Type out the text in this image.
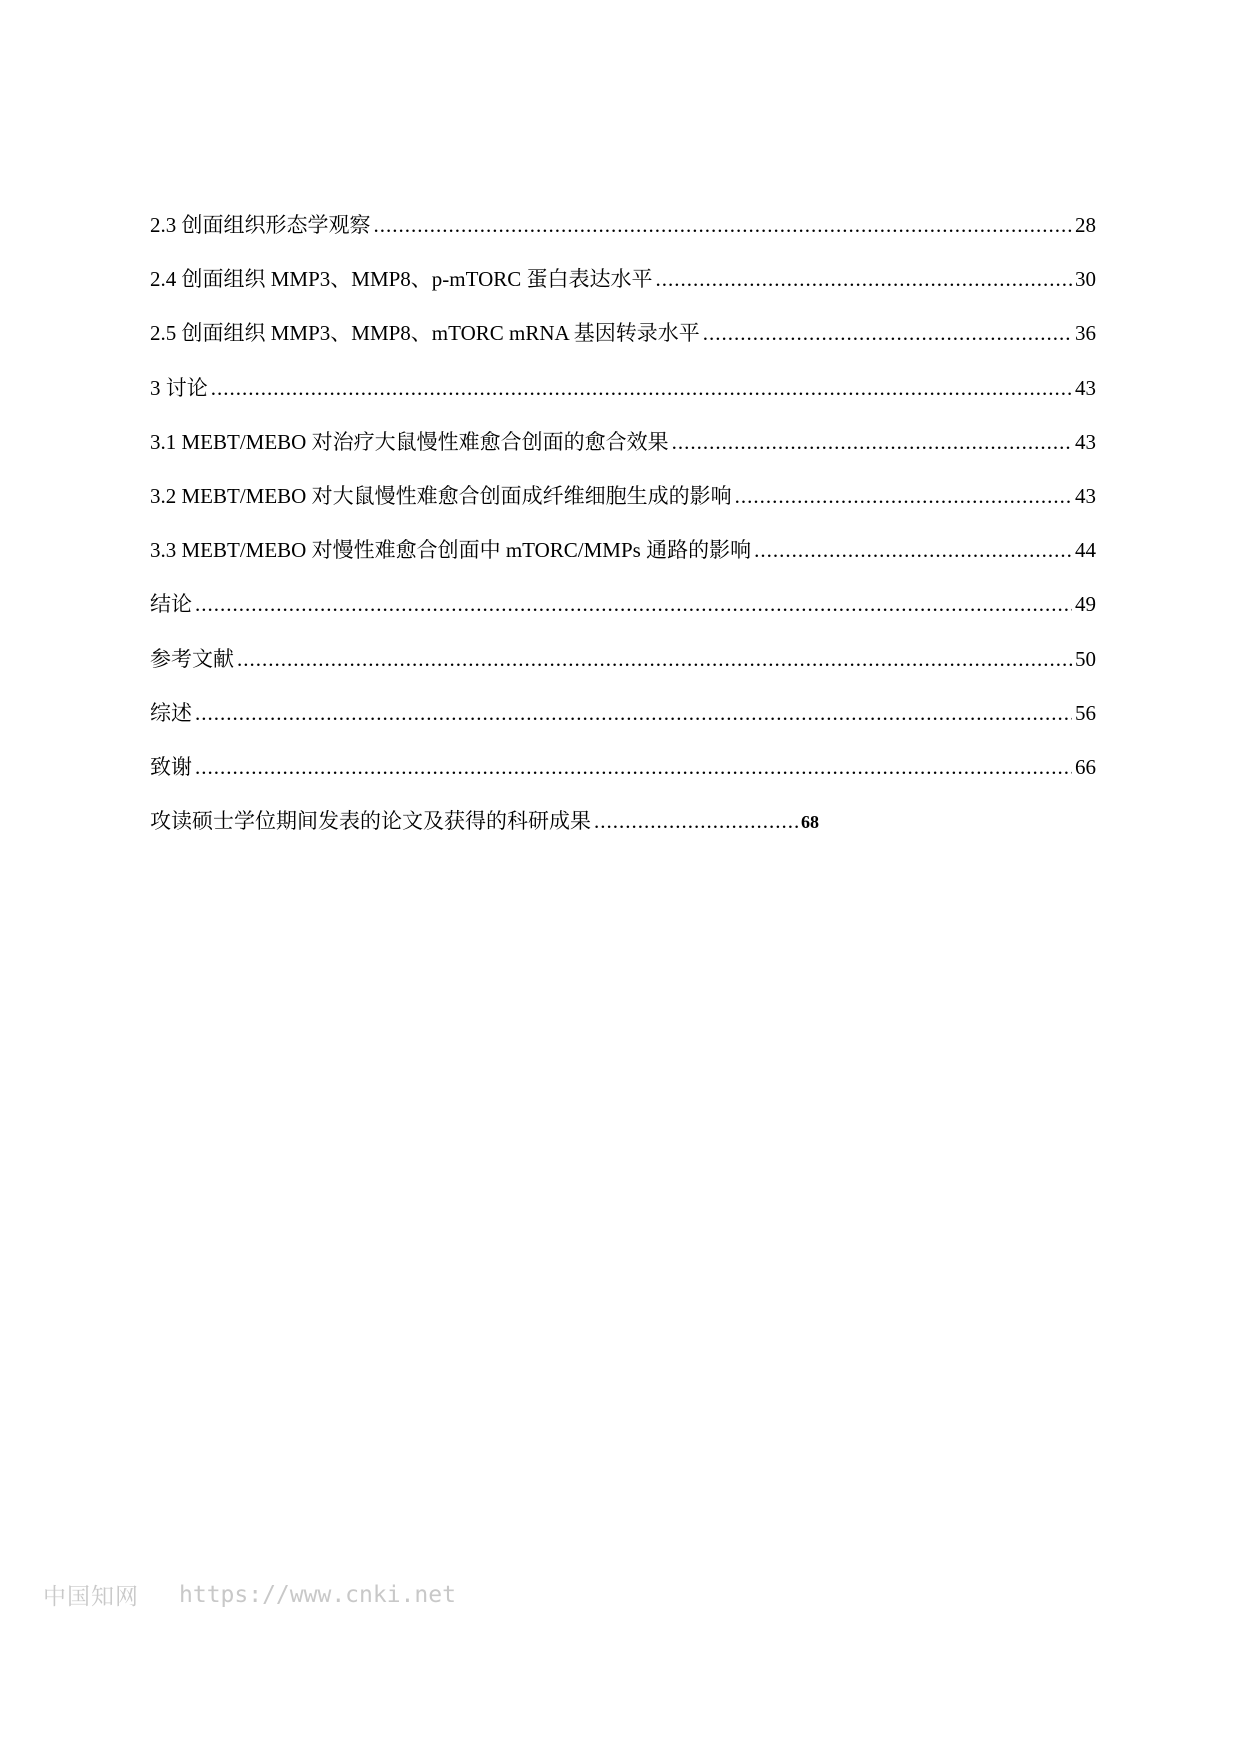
2.3 创面组织形态学观察 .....	28
2.4 创面组织 MMP3、MMP8、p-mTORC 蛋白表达水平 .....	30
2.5 创面组织 MMP3、MMP8、mTORC mRNA 基因转录水平 .....	36
3 讨论 .....	43
3.1 MEBT/MEBO 对治疗大鼠慢性难愈合创面的愈合效果 .....	43
3.2 MEBT/MEBO 对大鼠慢性难愈合创面成纤维细胞生成的影响 .....	43
3.3 MEBT/MEBO 对慢性难愈合创面中 mTORC/MMPs 通路的影响 .....	44
结论 .....	49
参考文献 .....	50
综述 .....	56
致谢 .....	66
攻读硕士学位期间发表的论文及获得的科研成果 .....	68
中国知网 https://www.cnki.net
